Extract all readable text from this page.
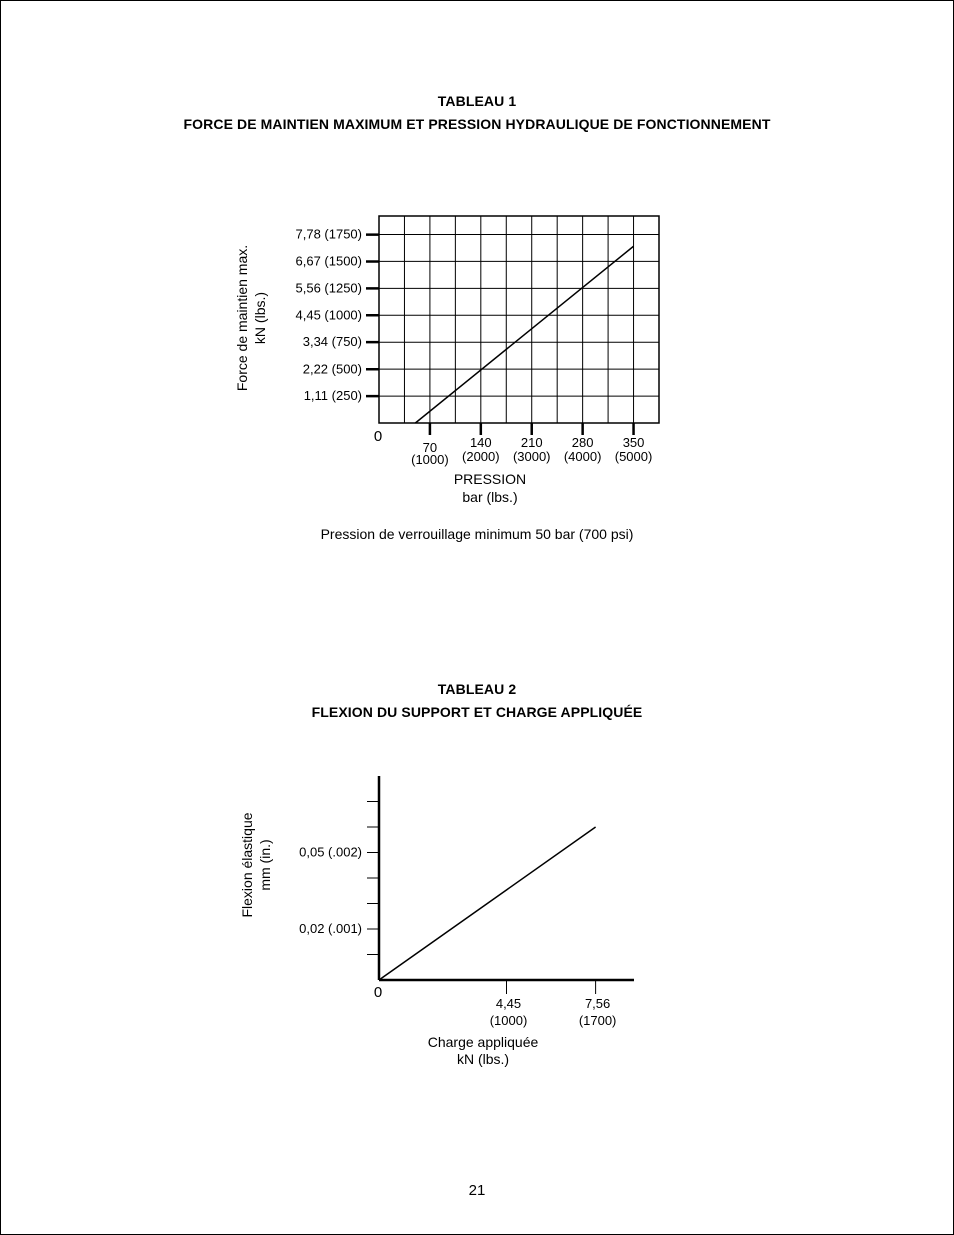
TABLEAU 1
FORCE DE MAINTIEN MAXIMUM ET PRESSION HYDRAULIQUE DE FONCTIONNEMENT
1,11 (250)
2,22 (500)
3,34 (750)
4,45 (1000)
5,56 (1250)
6,67 (1500)
7,78 (1750)
70
(1000)
140
(2000)
210
(3000)
280
(4000)
350
(5000)
0
PRESSION
bar (lbs.)
Force de maintien max. kN (lbs.)
Pression de verrouillage minimum 50 bar (700 psi)
TABLEAU 2
FLEXION DU SUPPORT ET CHARGE APPLIQUÉE
0,02 (.001)
0,05 (.002)
4,45
(1000)
7,56
(1700)
0
Charge appliquée
kN (lbs.)
Flexion élastique mm (in.)
21
